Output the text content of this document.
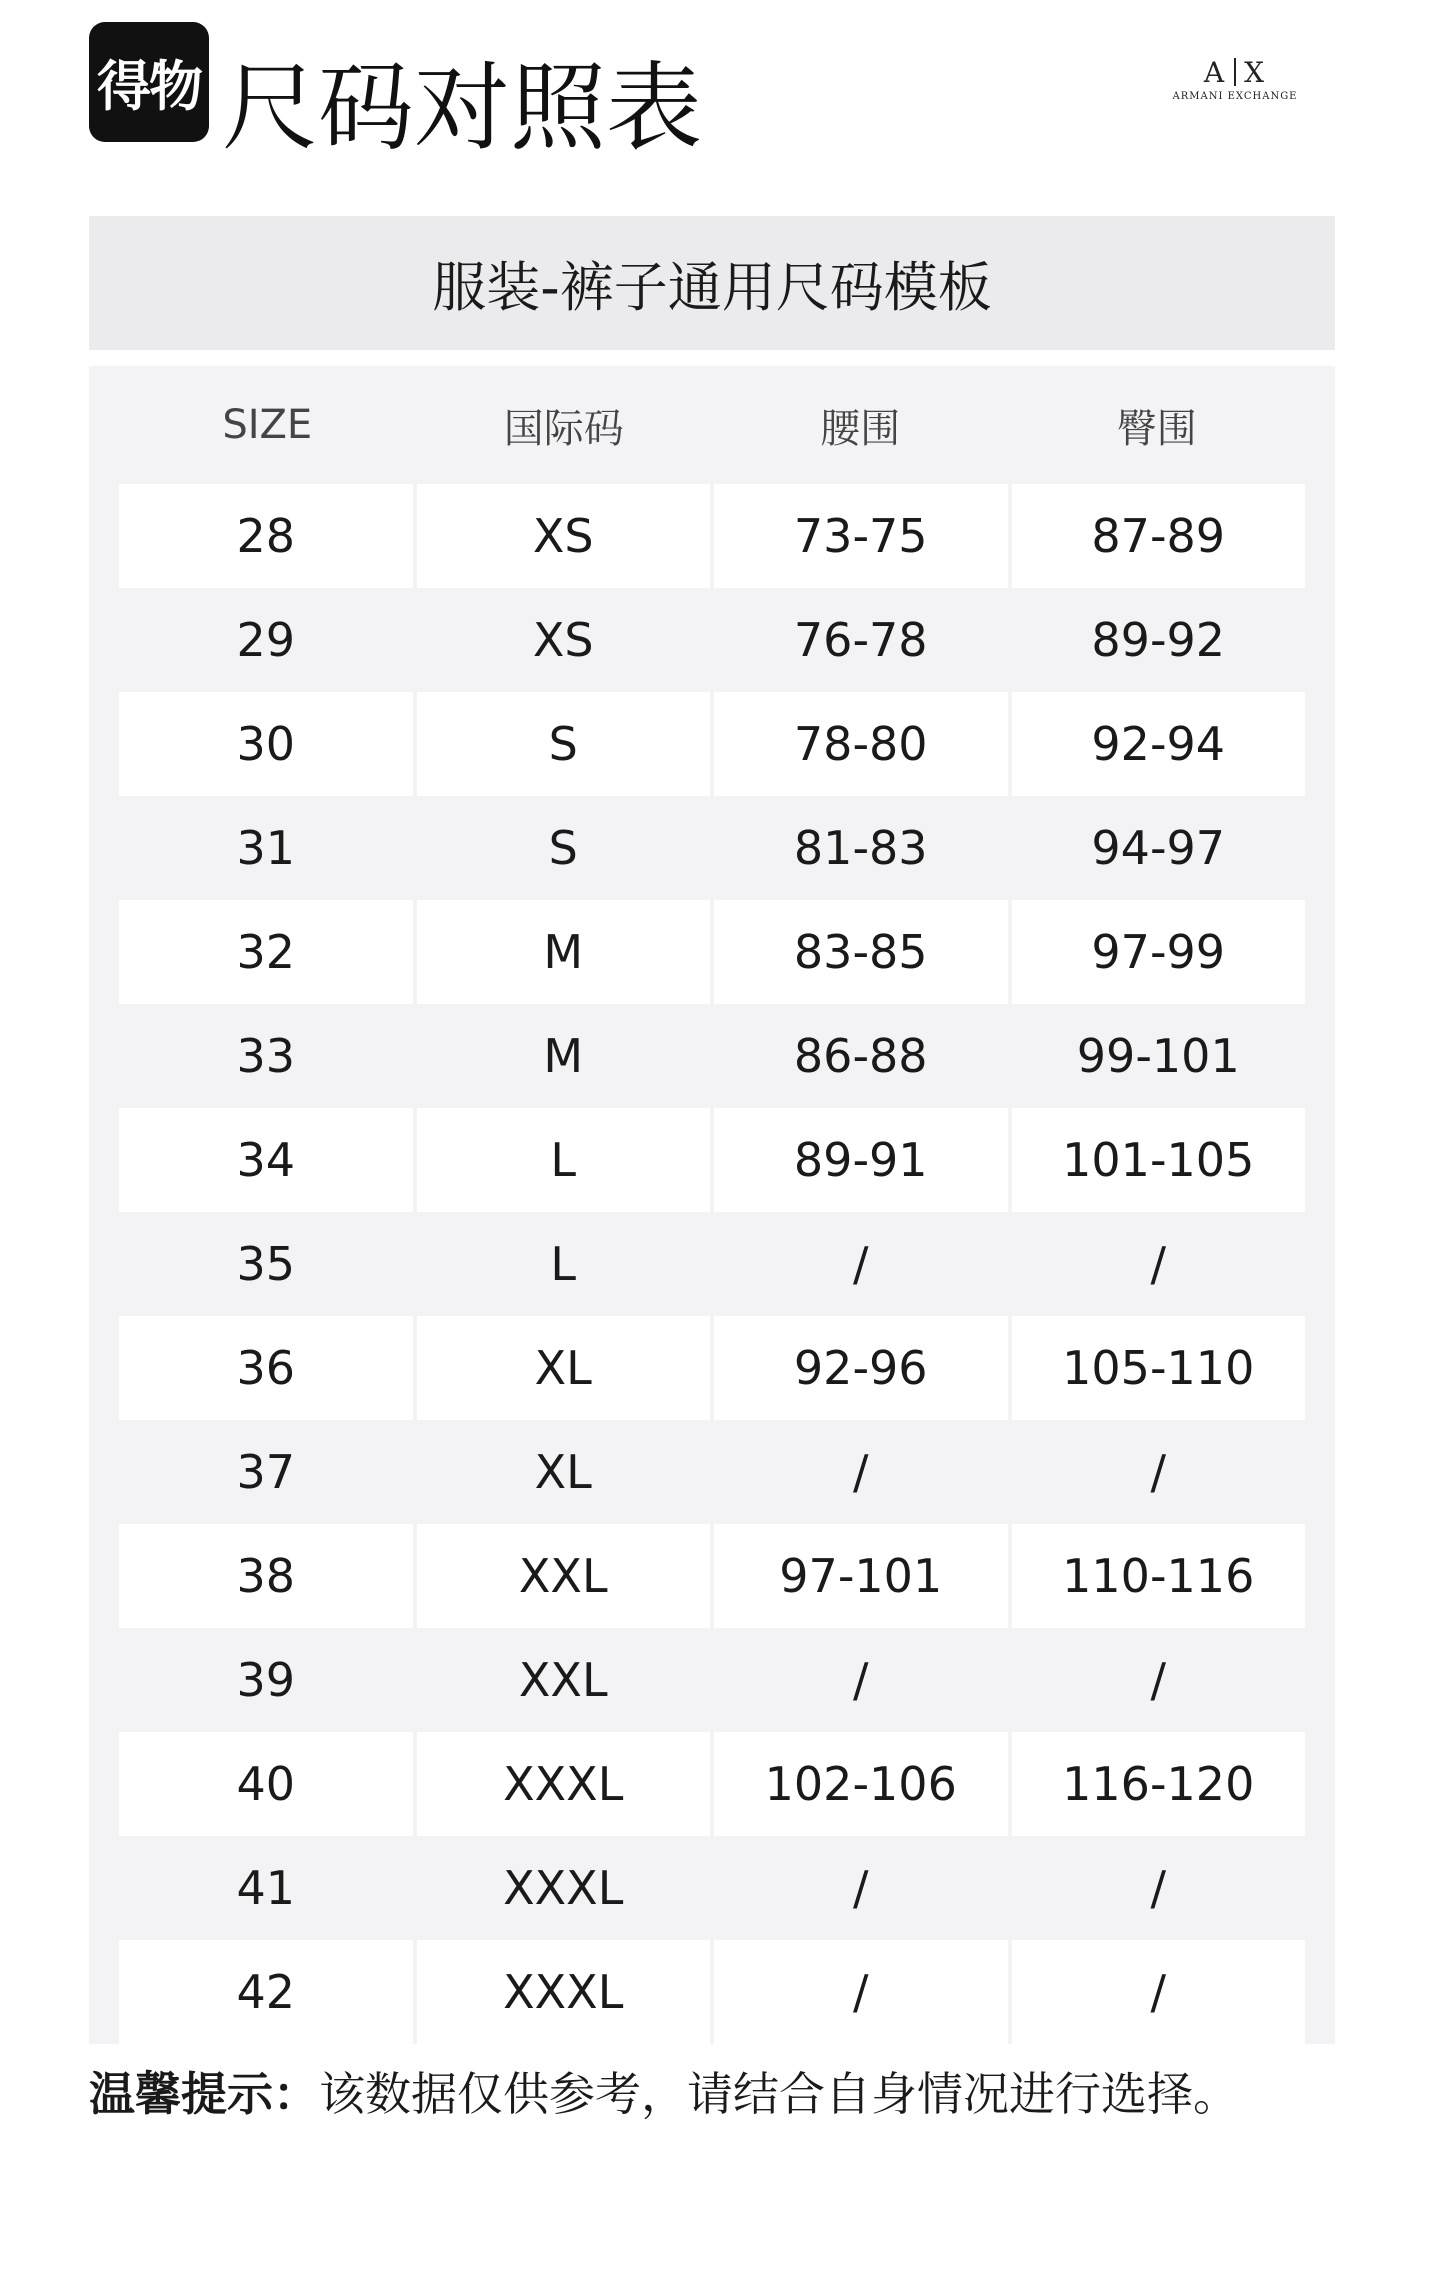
得物 尺码对照表	A X
ARMANI EXCHANGE
服装-裤子通用尺码模板
SIZE	国际码	腰围	臀围
28	XS	73-75	87-89
29	XS	76-78	89-92
30	S	78-80	92-94
31	S	81-83	94-97
32	M	83-85	97-99
33	M	86-88	99-101
34	L	89-91	101-105
35	L	/	/
36	XL	92-96	105-110
37	XL	/	/
38	XXL	97-101	110-116
39	XXL	/	/
40	XXXL	102-106	116-120
41	XXXL	/	/
42	XXXL	/	/
温馨提示：该数据仅供参考，请结合自身情况进行选择。
